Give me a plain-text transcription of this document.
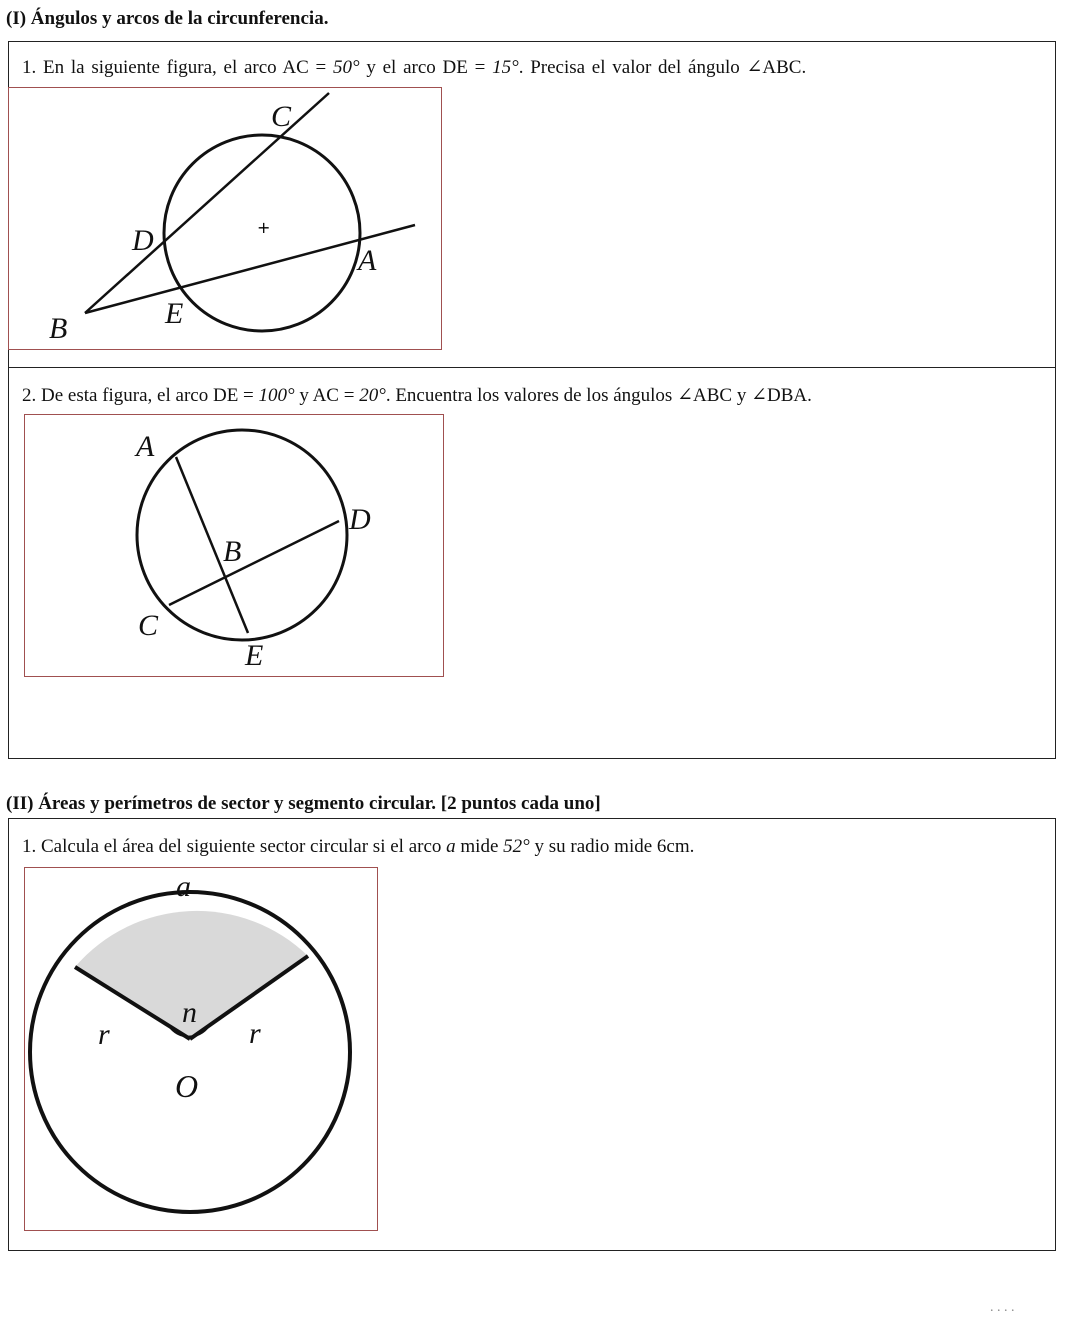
(I) Ángulos y arcos de la circunferencia.
1. En la siguiente figura, el arco AC = 50° y el arco DE = 15°. Precisa el valor del ángulo ∠ABC.
+
C
D
A
E
B
2. De esta figura, el arco DE = 100° y AC = 20°. Encuentra los valores de los ángulos ∠ABC y ∠DBA.
A
D
B
C
E
(II) Áreas y perímetros de sector y segmento circular. [2 puntos cada uno]
1. Calcula el área del siguiente sector circular si el arco a mide 52° y su radio mide 6cm.
a
n
r	r
O
. . . .
